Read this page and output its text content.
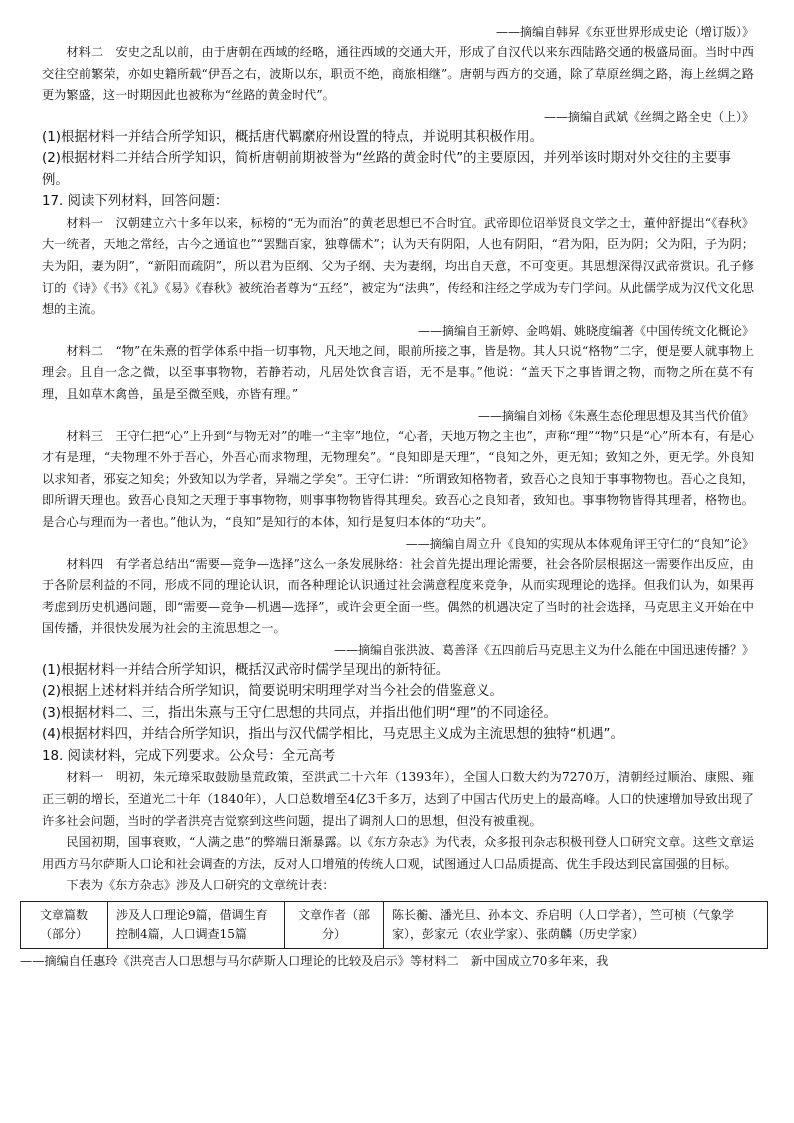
——摘编自韩昇《东亚世界形成史论（增订版）》

材料二　安史之乱以前，由于唐朝在西域的经略，通往西域的交通大开，形成了自汉代以来东西陆路交通的极盛局面。当时中西交往空前繁荣，亦如史籍所载“伊吾之右，波斯以东，职贡不绝，商旅相继”。唐朝与西方的交通，除了草原丝绸之路，海上丝绸之路更为繁盛，这一时期因此也被称为“丝路的黄金时代”。

——摘编自武斌《丝绸之路全史（上）》

(1)根据材料一并结合所学知识，概括唐代羁縻府州设置的特点，并说明其积极作用。

(2)根据材料二并结合所学知识，简析唐朝前期被誉为“丝路的黄金时代”的主要原因，并列举该时期对外交往的主要事例。

17. 阅读下列材料，回答问题：

材料一　汉朝建立六十多年以来，标榜的“无为而治”的黄老思想已不合时宜。武帝即位诏举贤良文学之士，董仲舒提出“《春秋》大一统者，天地之常经，古今之通谊也”“罢黜百家，独尊儒术”；认为天有阴阳，人也有阴阳，“君为阳，臣为阴；父为阳，子为阴；夫为阳，妻为阴”，“新阳而疏阴”，所以君为臣纲、父为子纲、夫为妻纲，均出自天意，不可变更。其思想深得汉武帝赏识。孔子修订的《诗》《书》《礼》《易》《春秋》被统治者尊为“五经”，被定为“法典”，传经和注经之学成为专门学问。从此儒学成为汉代文化思想的主流。

——摘编自王新婷、金鸣娟、姚晓度编著《中国传统文化概论》

材料二　“物”在朱熹的哲学体系中指一切事物，凡天地之间，眼前所接之事，皆是物。其人只说“格物”二字，便是要人就事物上理会。且自一念之微，以至事事物物，若静若动，凡居处饮食言语，无不是事。”他说：“盖天下之事皆谓之物，而物之所在莫不有理，且如草木禽兽，虽是至微至贱，亦皆有理。”

——摘编自刘杨《朱熹生态伦理思想及其当代价值》

材料三　王守仁把“心”上升到“与物无对”的唯一“主宰”地位，“心者，天地万物之主也”，声称“理”“物”只是“心”所本有，有是心才有是理，“夫物理不外于吾心，外吾心而求物理，无物理矣”。“良知即是天理”，“良知之外，更无知；致知之外，更无学。外良知以求知者，邪妄之知矣；外致知以为学者，异端之学矣”。王守仁讲：“所谓致知格物者，致吾心之良知于事事物物也。吾心之良知，即所谓天理也。致吾心良知之天理于事事物物，则事事物物皆得其理矣。致吾心之良知者，致知也。事事物物皆得其理者，格物也。是合心与理而为一者也。”他认为，“良知”是知行的本体，知行是复归本体的“功夫”。

——摘编自周立升《良知的实现从本体观角评王守仁的“良知”论》

材料四　有学者总结出“需要—竞争—选择”这么一条发展脉络：社会首先提出理论需要，社会各阶层根据这一需要作出反应，由于各阶层利益的不同，形成不同的理论认识，而各种理论认识通过社会满意程度来竞争，从而实现理论的选择。但我们认为，如果再考虑到历史机遇问题，即“需要—竞争—机遇—选择”，或许会更全面一些。偶然的机遇决定了当时的社会选择，马克思主义开始在中国传播，并很快发展为社会的主流思想之一。

——摘编自张洪波、葛善泽《五四前后马克思主义为什么能在中国迅速传播？》

(1)根据材料一并结合所学知识，概括汉武帝时儒学呈现出的新特征。

(2)根据上述材料并结合所学知识，简要说明宋明理学对当今社会的借鉴意义。

(3)根据材料二、三，指出朱熹与王守仁思想的共同点，并指出他们明“理”的不同途径。

(4)根据材料四，并结合所学知识，指出与汉代儒学相比，马克思主义成为主流思想的独特“机遇”。

18. 阅读材料，完成下列要求。公众号：全元高考

材料一　明初，朱元璋采取鼓励垦荒政策，至洪武二十六年（1393年），全国人口数大约为7270万，清朝经过顺治、康熙、雍正三朝的增长，至道光二十年（1840年），人口总数增至4亿3千多万，达到了中国古代历史上的最高峰。人口的快速增加导致出现了许多社会问题，当时的学者洪亮吉觉察到这些问题，提出了调剂人口的思想，但没有被重视。

民国初期，国事衰败，“人满之患”的弊端日渐暴露。以《东方杂志》为代表，众多报刊杂志积极刊登人口研究文章。这些文章运用西方马尔萨斯人口论和社会调查的方法，反对人口增殖的传统人口观，试图通过人口品质提高、优生手段达到民富国强的目标。

下表为《东方杂志》涉及人口研究的文章统计表：

文章篇数（部分）	涉及人口理论9篇，借调生育控制4篇，人口调查15篇	文章作者（部分）	陈长蘅、潘光旦、孙本文、乔启明（人口学者），竺可桢（气象学家），彭家元（农业学家）、张荫麟（历史学家）

——摘编自任惠玲《洪亮吉人口思想与马尔萨斯人口理论的比较及启示》等材料二　新中国成立70多年来，我
